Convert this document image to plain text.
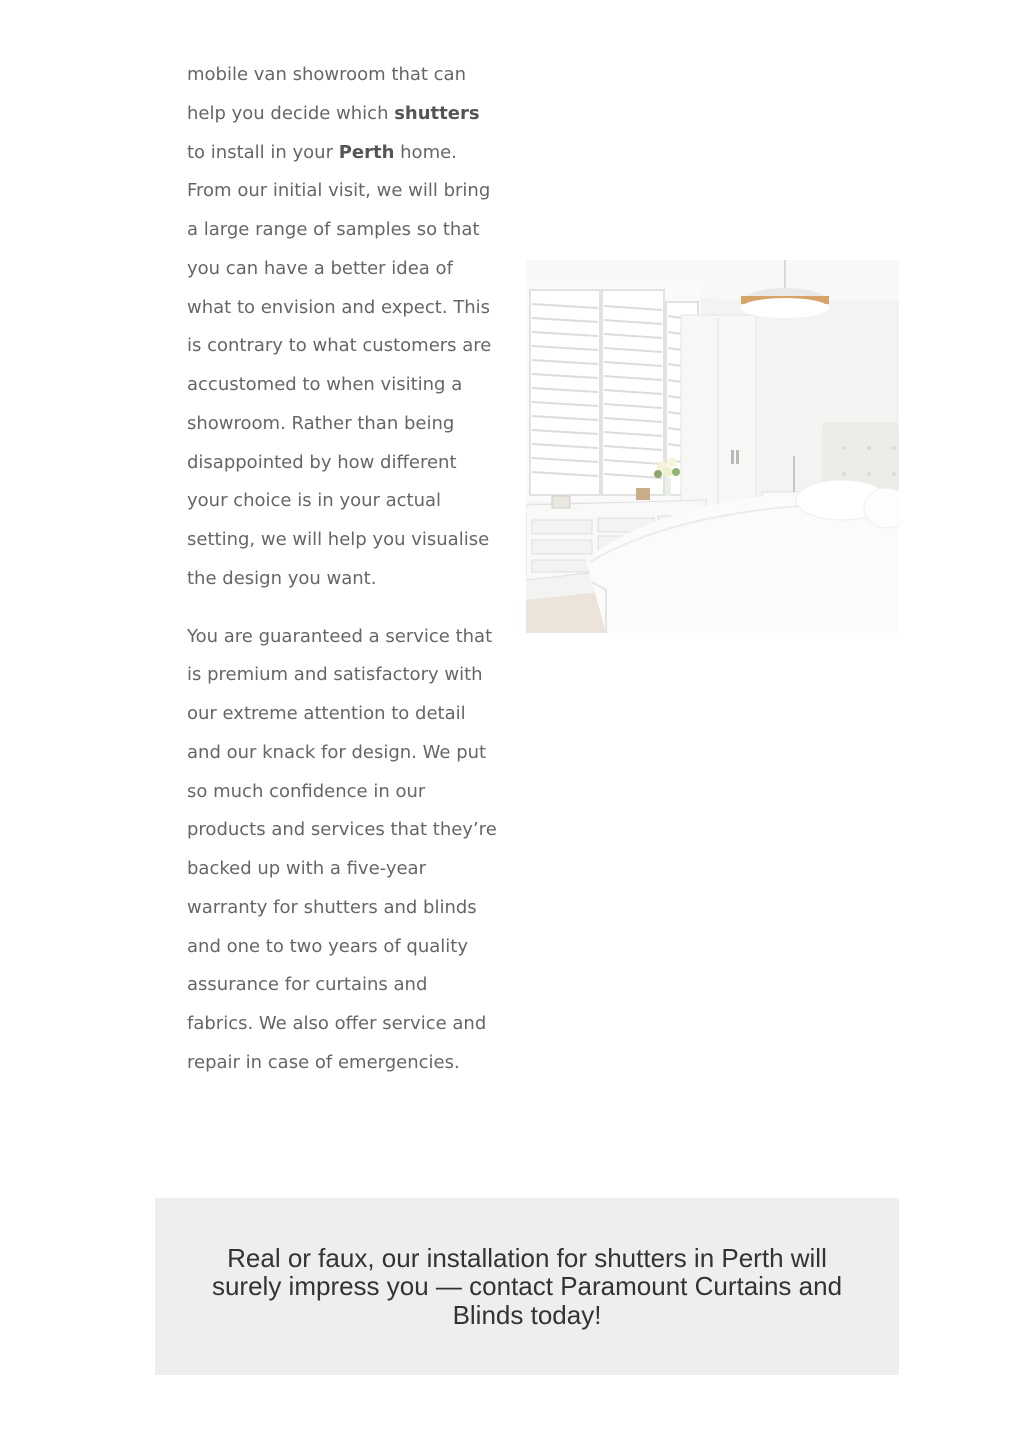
mobile van showroom that can help you decide which shutters to install in your Perth home. From our initial visit, we will bring a large range of samples so that you can have a better idea of what to envision and expect. This is contrary to what customers are accustomed to when visiting a showroom. Rather than being disappointed by how different your choice is in your actual setting, we will help you visualise the design you want.

You are guaranteed a service that is premium and satisfactory with our extreme attention to detail and our knack for design. We put so much confidence in our products and services that they’re backed up with a five-year warranty for shutters and blinds and one to two years of quality assurance for curtains and fabrics. We also offer service and repair in case of emergencies.

Real or faux, our installation for shutters in Perth will surely impress you — contact Paramount Curtains and Blinds today!
